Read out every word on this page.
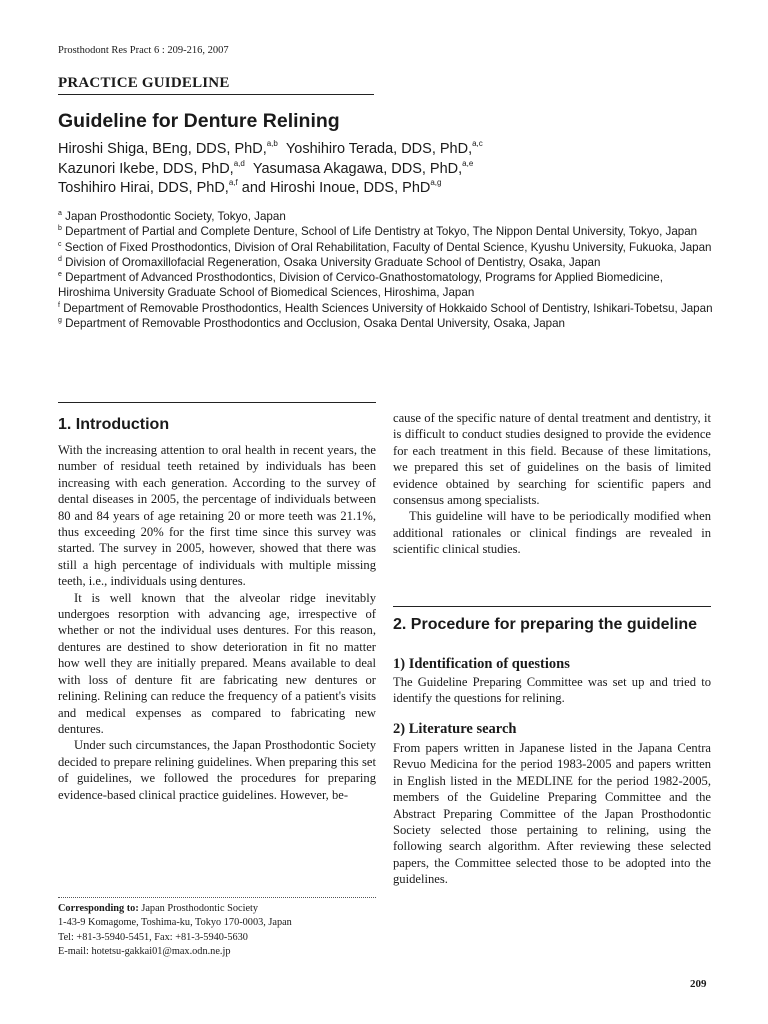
Prosthodont Res Pract 6 : 209-216, 2007
PRACTICE GUIDELINE
Guideline for Denture Relining
Hiroshi Shiga, BEng, DDS, PhD,$^{a,b}$ Yoshihiro Terada, DDS, PhD,$^{a,c}$
Kazunori Ikebe, DDS, PhD,$^{a,d}$ Yasumasa Akagawa, DDS, PhD,$^{a,e}$
Toshihiro Hirai, DDS, PhD,$^{a,f}$ and Hiroshi Inoue, DDS, PhD$^{a,g}$
$^a$ Japan Prosthodontic Society, Tokyo, Japan
$^b$ Department of Partial and Complete Denture, School of Life Dentistry at Tokyo, The Nippon Dental University, Tokyo, Japan
$^c$ Section of Fixed Prosthodontics, Division of Oral Rehabilitation, Faculty of Dental Science, Kyushu University, Fukuoka, Japan
$^d$ Division of Oromaxillofacial Regeneration, Osaka University Graduate School of Dentistry, Osaka, Japan
$^e$ Department of Advanced Prosthodontics, Division of Cervico-Gnathostomatology, Programs for Applied Biomedicine, Hiroshima University Graduate School of Biomedical Sciences, Hiroshima, Japan
$^f$ Department of Removable Prosthodontics, Health Sciences University of Hokkaido School of Dentistry, Ishikari-Tobetsu, Japan
$^g$ Department of Removable Prosthodontics and Occlusion, Osaka Dental University, Osaka, Japan
1. Introduction

With the increasing attention to oral health in recent years, the number of residual teeth retained by individuals has been increasing with each generation. According to the survey of dental diseases in 2005, the percentage of individuals between 80 and 84 years of age retaining 20 or more teeth was 21.1%, thus exceeding 20% for the first time since this survey was started. The survey in 2005, however, showed that there was still a high percentage of individuals with multiple missing teeth, i.e., individuals using dentures.

It is well known that the alveolar ridge inevitably undergoes resorption with advancing age, irrespective of whether or not the individual uses dentures. For this reason, dentures are destined to show deterioration in fit no matter how well they are initially prepared. Means available to deal with loss of denture fit are fabricating new dentures or relining. Relining can reduce the frequency of a patient's visits and medical expenses as compared to fabricating new dentures.

Under such circumstances, the Japan Prosthodontic Society decided to prepare relining guidelines. When preparing this set of guidelines, we followed the procedures for preparing evidence-based clinical practice guidelines. However, be-

Corresponding to: Japan Prosthodontic Society
1-43-9 Komagome, Toshima-ku, Tokyo 170-0003, Japan
Tel: +81-3-5940-5451, Fax: +81-3-5940-5630
E-mail: hotetsu-gakkai01@max.odn.ne.jp

cause of the specific nature of dental treatment and dentistry, it is difficult to conduct studies designed to provide the evidence for each treatment in this field. Because of these limitations, we prepared this set of guidelines on the basis of limited evidence obtained by searching for scientific papers and consensus among specialists.

This guideline will have to be periodically modified when additional rationales or clinical findings are revealed in scientific clinical studies.

2. Procedure for preparing the guideline
1) Identification of questions

The Guideline Preparing Committee was set up and tried to identify the questions for relining.

2) Literature search

From papers written in Japanese listed in the Japana Centra Revuo Medicina for the period 1983-2005 and papers written in English listed in the MEDLINE for the period 1982-2005, members of the Guideline Preparing Committee and the Abstract Preparing Committee of the Japan Prosthodontic Society selected those pertaining to relining, using the following search algorithm. After reviewing these selected papers, the Committee selected those to be adopted into the guidelines.

209
